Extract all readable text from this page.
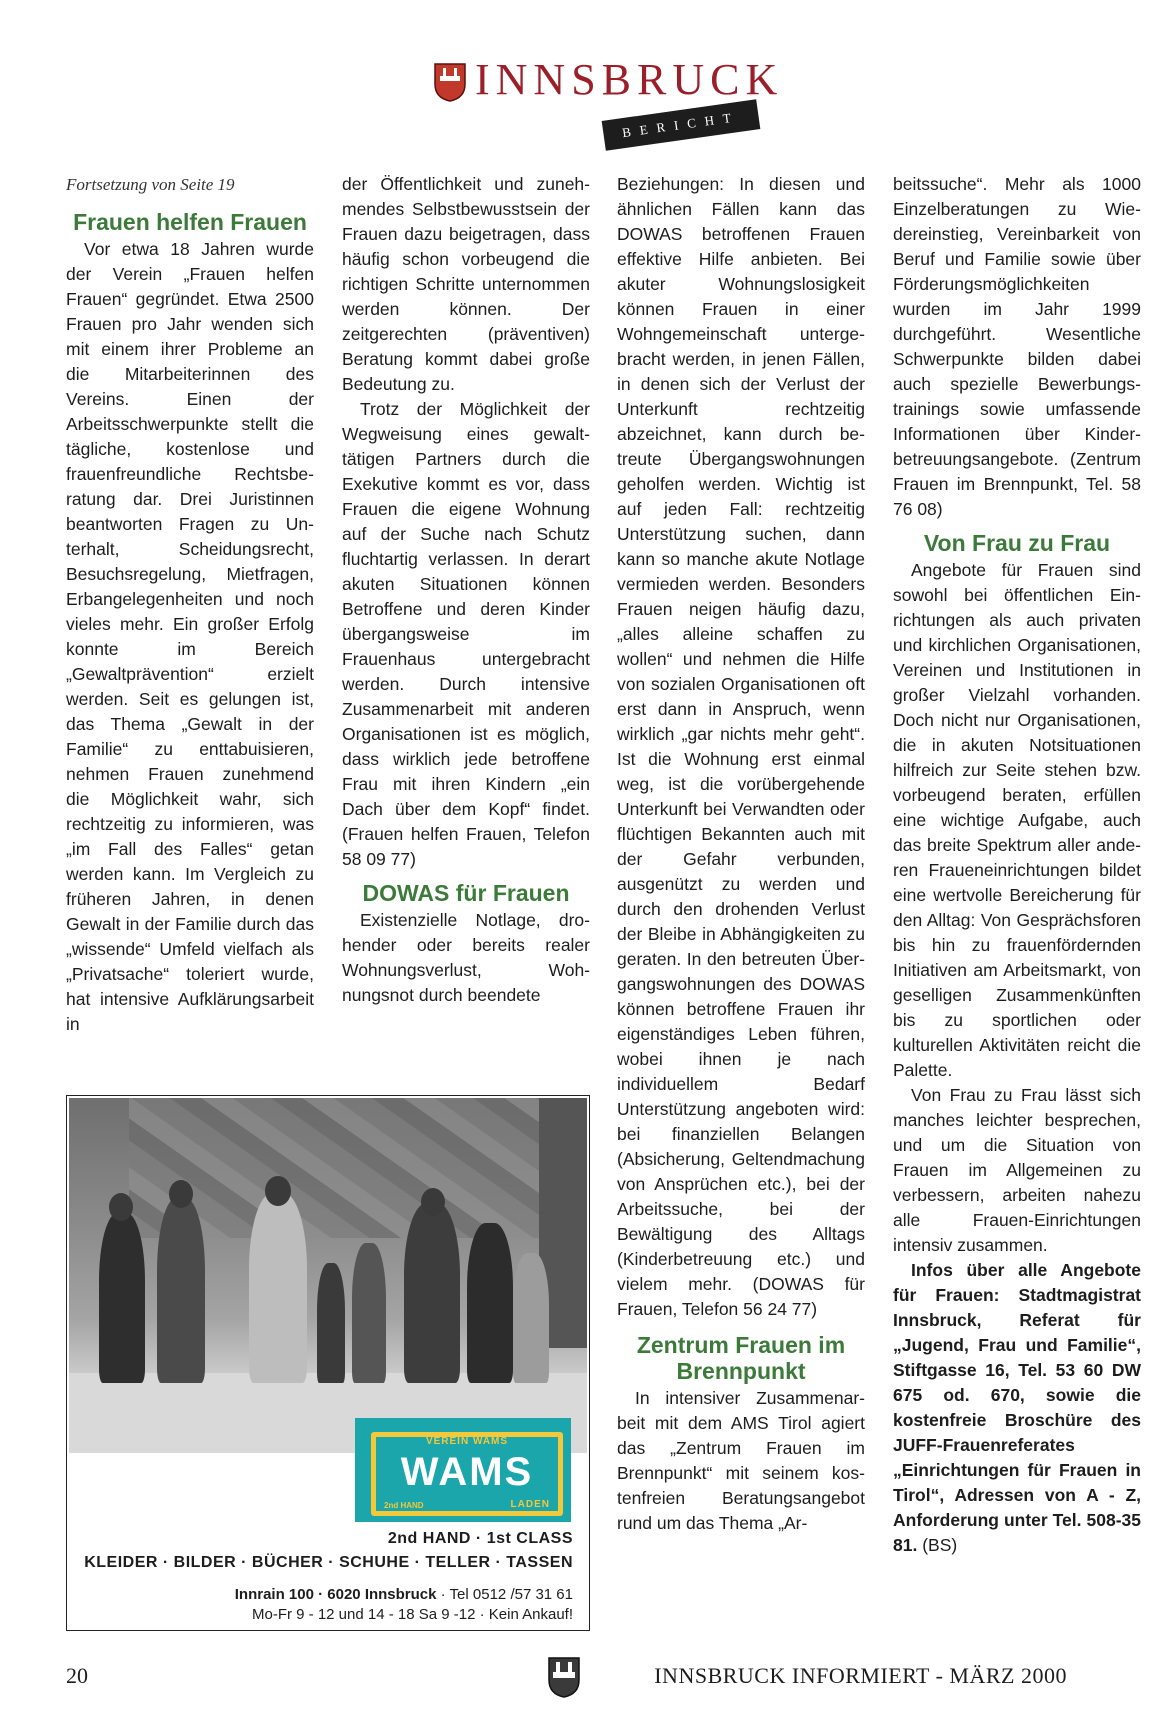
INNSBRUCK
BERICHT
Fortsetzung von Seite 19
Frauen helfen Frauen

Vor etwa 18 Jahren wurde der Verein „Frauen helfen Frauen“ gegründet. Etwa 2500 Frauen pro Jahr wenden sich mit einem ihrer Probleme an die Mitarbeiterinnen des Vereins. Einen der Arbeitsschwerpunkte stellt die tägliche, kostenlose und frauenfreundliche Rechtsberatung dar. Drei Juristinnen beantworten Fragen zu Unterhalt, Scheidungsrecht, Besuchsregelung, Mietfragen, Erbangelegenheiten und noch vieles mehr. Ein großer Erfolg konnte im Bereich „Gewaltprävention“ erzielt werden. Seit es gelungen ist, das Thema „Gewalt in der Familie“ zu enttabuisieren, nehmen Frauen zunehmend die Möglichkeit wahr, sich rechtzeitig zu informieren, was „im Fall des Falles“ getan werden kann. Im Vergleich zu früheren Jahren, in denen Gewalt in der Familie durch das „wissende“ Umfeld vielfach als „Privatsache“ toleriert wurde, hat intensive Aufklärungsarbeit in

der Öffentlichkeit und zunehmendes Selbstbewusstsein der Frauen dazu beigetragen, dass häufig schon vorbeugend die richtigen Schritte unternommen werden können. Der zeitgerechten (präventiven) Beratung kommt dabei große Bedeutung zu.

Trotz der Möglichkeit der Wegweisung eines gewalttätigen Partners durch die Exekutive kommt es vor, dass Frauen die eigene Wohnung auf der Suche nach Schutz fluchtartig verlassen. In derart akuten Situationen können Betroffene und deren Kinder übergangsweise im Frauenhaus untergebracht werden. Durch intensive Zusammenarbeit mit anderen Organisationen ist es möglich, dass wirklich jede betroffene Frau mit ihren Kindern „ein Dach über dem Kopf“ findet. (Frauen helfen Frauen, Telefon 58 09 77)

DOWAS für Frauen

Existenzielle Notlage, drohender oder bereits realer Wohnungsverlust, Wohnungsnot durch beendete

Beziehungen: In diesen und ähnlichen Fällen kann das DOWAS betroffenen Frauen effektive Hilfe anbieten. Bei akuter Wohnungslosigkeit können Frauen in einer Wohngemeinschaft untergebracht werden, in jenen Fällen, in denen sich der Verlust der Unterkunft rechtzeitig abzeichnet, kann durch betreute Übergangswohnungen geholfen werden. Wichtig ist auf jeden Fall: rechtzeitig Unterstützung suchen, dann kann so manche akute Notlage vermieden werden. Besonders Frauen neigen häufig dazu, „alles alleine schaffen zu wollen“ und nehmen die Hilfe von sozialen Organisationen oft erst dann in Anspruch, wenn wirklich „gar nichts mehr geht“. Ist die Wohnung erst einmal weg, ist die vorübergehende Unterkunft bei Verwandten oder flüchtigen Bekannten auch mit der Gefahr verbunden, ausgenützt zu werden und durch den drohenden Verlust der Bleibe in Abhängigkeiten zu geraten. In den betreuten Übergangswohnungen des DOWAS können betroffene Frauen ihr eigenständiges Leben führen, wobei ihnen je nach individuellem Bedarf Unterstützung angeboten wird: bei finanziellen Belangen (Absicherung, Geltendmachung von Ansprüchen etc.), bei der Arbeitssuche, bei der Bewältigung des Alltags (Kinderbetreuung etc.) und vielem mehr. (DOWAS für Frauen, Telefon 56 24 77)

Zentrum Frauen im Brennpunkt

In intensiver Zusammenarbeit mit dem AMS Tirol agiert das „Zentrum Frauen im Brennpunkt“ mit seinem kostenfreien Beratungsangebot rund um das Thema „Ar-

beitssuche“. Mehr als 1000 Einzelberatungen zu Wiedereinstieg, Vereinbarkeit von Beruf und Familie sowie über Förderungsmöglichkeiten wurden im Jahr 1999 durchgeführt. Wesentliche Schwerpunkte bilden dabei auch spezielle Bewerbungstrainings sowie umfassende Informationen über Kinderbetreuungsangebote. (Zentrum Frauen im Brennpunkt, Tel. 58 76 08)

Von Frau zu Frau

Angebote für Frauen sind sowohl bei öffentlichen Einrichtungen als auch privaten und kirchlichen Organisationen, Vereinen und Institutionen in großer Vielzahl vorhanden. Doch nicht nur Organisationen, die in akuten Notsituationen hilfreich zur Seite stehen bzw. vorbeugend beraten, erfüllen eine wichtige Aufgabe, auch das breite Spektrum aller anderen Fraueneinrichtungen bildet eine wertvolle Bereicherung für den Alltag: Von Gesprächsforen bis hin zu frauenfördernden Initiativen am Arbeitsmarkt, von geselligen Zusammenkünften bis zu sportlichen oder kulturellen Aktivitäten reicht die Palette.

Von Frau zu Frau lässt sich manches leichter besprechen, und um die Situation von Frauen im Allgemeinen zu verbessern, arbeiten nahezu alle Frauen-Einrichtungen intensiv zusammen.

Infos über alle Angebote für Frauen: Stadtmagistrat Innsbruck, Referat für „Jugend, Frau und Familie“, Stiftgasse 16, Tel. 53 60 DW 675 od. 670, sowie die kostenfreie Broschüre des JUFF-Frauenreferates „Einrichtungen für Frauen in Tirol“, Adressen von A - Z, Anforderung unter Tel. 508-35 81. (BS)

VEREIN WAMS
WAMS
2nd HAND	LADEN
2nd HAND · 1st CLASS
KLEIDER · BILDER · BÜCHER · SCHUHE · TELLER · TASSEN
Innrain 100 · 6020 Innsbruck · Tel 0512 /57 31 61
Mo-Fr 9 - 12 und 14 - 18 Sa 9 -12 · Kein Ankauf!
20	INNSBRUCK INFORMIERT - MÄRZ 2000
